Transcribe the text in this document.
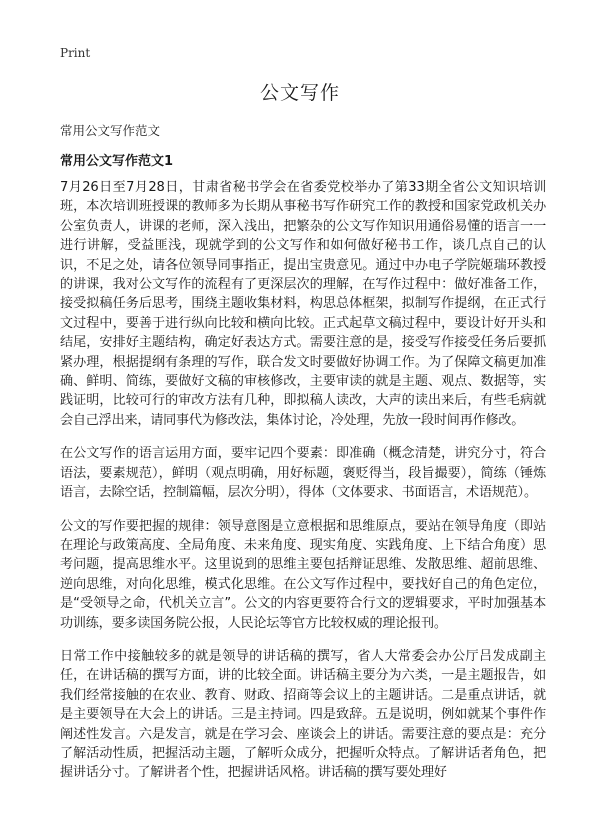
Print
公文写作

常用公文写作范文

常用公文写作范文1

7月26日至7月28日，甘肃省秘书学会在省委党校举办了第33期全省公文知识培训班，本次培训班授课的教师多为长期从事秘书写作研究工作的教授和国家党政机关办公室负责人，讲课的老师，深入浅出，把繁杂的公文写作知识用通俗易懂的语言一一进行讲解，受益匪浅，现就学到的公文写作和如何做好秘书工作，谈几点自己的认识，不足之处，请各位领导同事指正，提出宝贵意见。通过中办电子学院姬瑞环教授的讲课，我对公文写作的流程有了更深层次的理解，在写作过程中：做好准备工作，接受拟稿任务后思考，围绕主题收集材料，构思总体框架，拟制写作提纲，在正式行文过程中，要善于进行纵向比较和横向比较。正式起草文稿过程中，要设计好开头和结尾，安排好主题结构，确定好表达方式。需要注意的是，接受写作接受任务后要抓紧办理，根据提纲有条理的写作，联合发文时要做好协调工作。为了保障文稿更加准确、鲜明、简练，要做好文稿的审核修改，主要审读的就是主题、观点、数据等，实践证明，比较可行的审改方法有几种，即拟稿人读改，大声的读出来后，有些毛病就会自己浮出来，请同事代为修改法，集体讨论，冷处理，先放一段时间再作修改。

在公文写作的语言运用方面，要牢记四个要素：即准确（概念清楚，讲究分寸，符合语法，要素规范），鲜明（观点明确，用好标题，褒贬得当，段旨撮要），简练（锤炼语言，去除空话，控制篇幅，层次分明），得体（文体要求、书面语言，术语规范）。

公文的写作要把握的规律：领导意图是立意根据和思维原点，要站在领导角度（即站在理论与政策高度、全局角度、未来角度、现实角度、实践角度、上下结合角度）思考问题，提高思维水平。这里说到的思维主要包括辩证思维、发散思维、超前思维、逆向思维，对向化思维，模式化思维。在公文写作过程中，要找好自己的角色定位，是“受领导之命，代机关立言”。公文的内容更要符合行文的逻辑要求，平时加强基本功训练，要多读国务院公报，人民论坛等官方比较权威的理论报刊。

日常工作中接触较多的就是领导的讲话稿的撰写，省人大常委会办公厅吕发成副主任，在讲话稿的撰写方面，讲的比较全面。讲话稿主要分为六类，一是主题报告，如我们经常接触的在农业、教育、财政、招商等会议上的主题讲话。二是重点讲话，就是主要领导在大会上的讲话。三是主持词。四是致辞。五是说明，例如就某个事件作阐述性发言。六是发言，就是在学习会、座谈会上的讲话。需要注意的要点是：充分了解活动性质，把握活动主题，了解听众成分，把握听众特点。了解讲话者角色，把握讲话分寸。了解讲者个性，把握讲话风格。讲话稿的撰写要处理好
